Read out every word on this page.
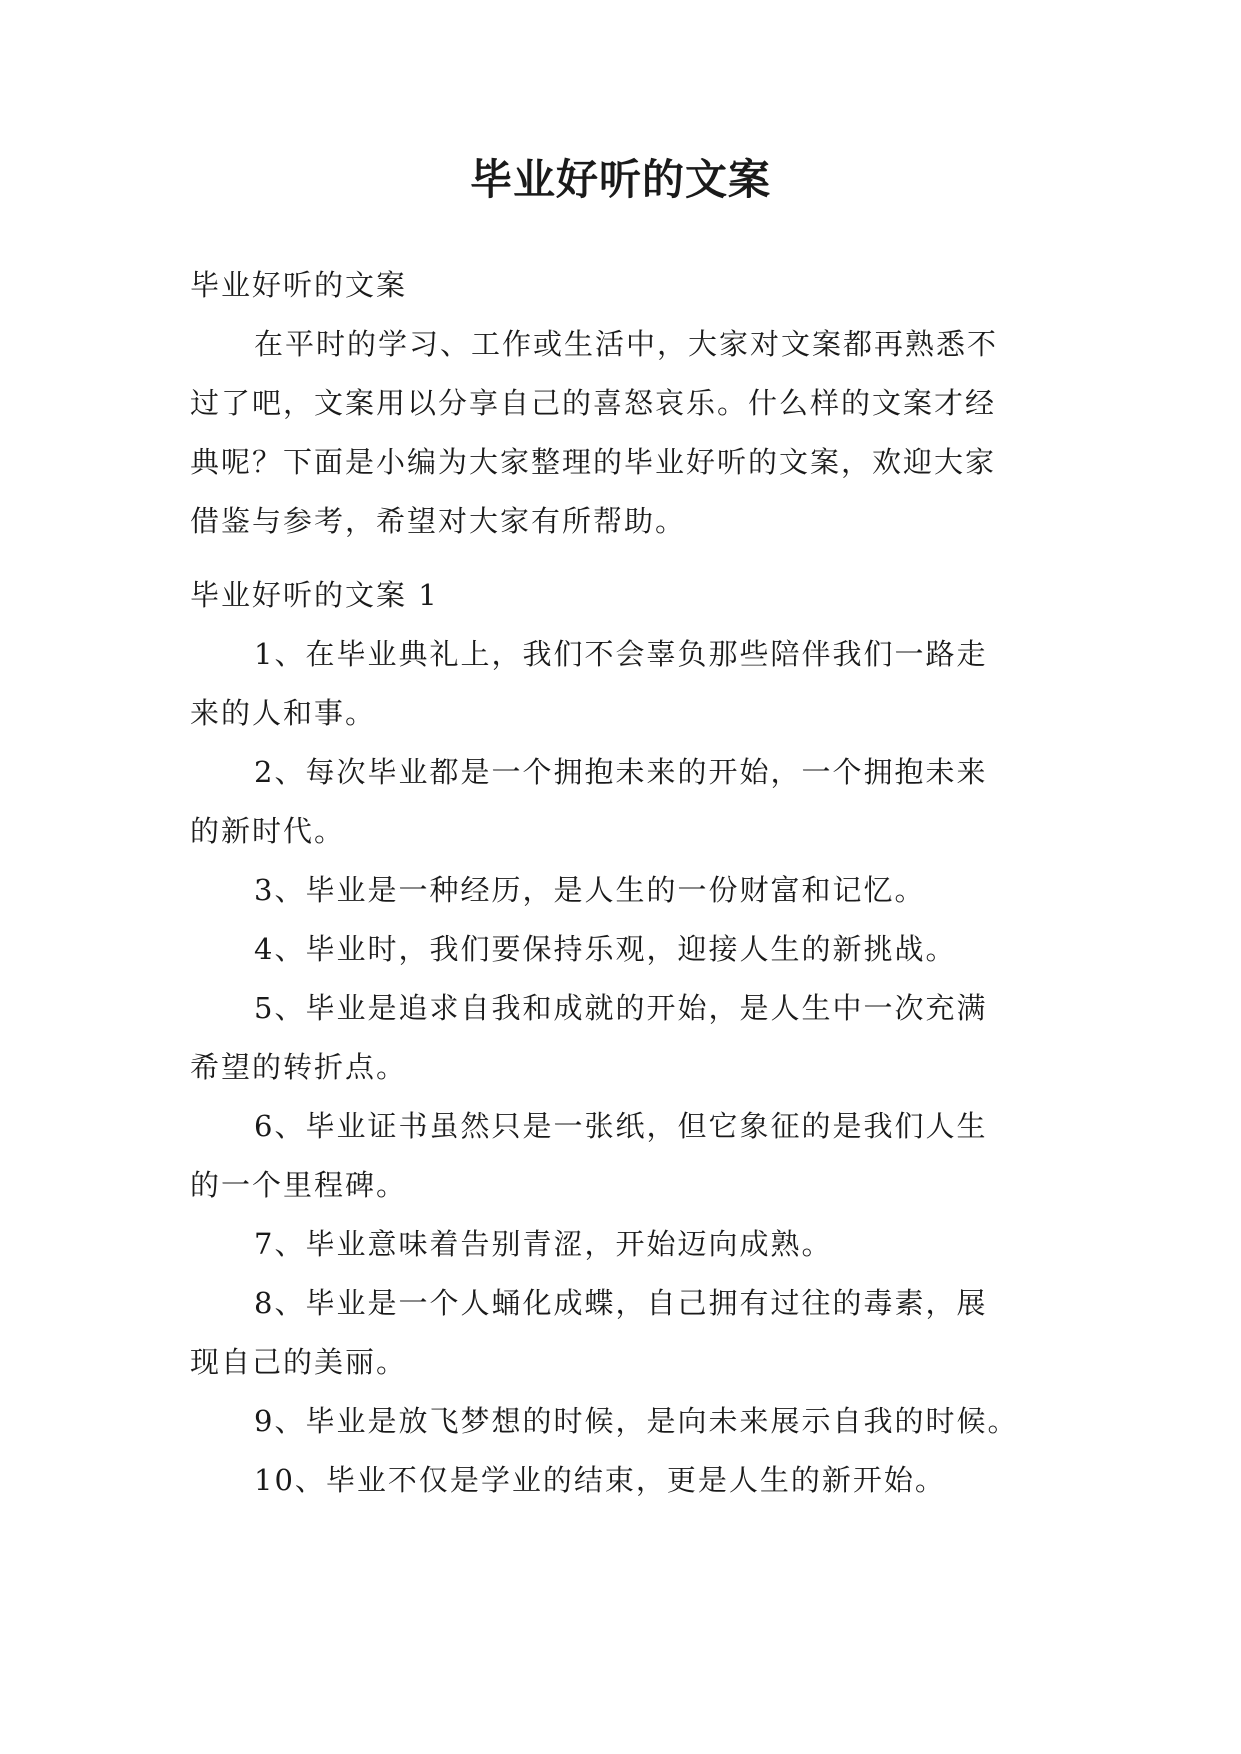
毕业好听的文案
毕业好听的文案
在平时的学习、工作或生活中，大家对文案都再熟悉不
过了吧，文案用以分享自己的喜怒哀乐。什么样的文案才经
典呢？下面是小编为大家整理的毕业好听的文案，欢迎大家
借鉴与参考，希望对大家有所帮助。
毕业好听的文案 1
1、在毕业典礼上，我们不会辜负那些陪伴我们一路走
来的人和事。
2、每次毕业都是一个拥抱未来的开始，一个拥抱未来
的新时代。
3、毕业是一种经历，是人生的一份财富和记忆。
4、毕业时，我们要保持乐观，迎接人生的新挑战。
5、毕业是追求自我和成就的开始，是人生中一次充满
希望的转折点。
6、毕业证书虽然只是一张纸，但它象征的是我们人生
的一个里程碑。
7、毕业意味着告别青涩，开始迈向成熟。
8、毕业是一个人蛹化成蝶，自己拥有过往的毒素，展
现自己的美丽。
9、毕业是放飞梦想的时候，是向未来展示自我的时候。
10、毕业不仅是学业的结束，更是人生的新开始。
